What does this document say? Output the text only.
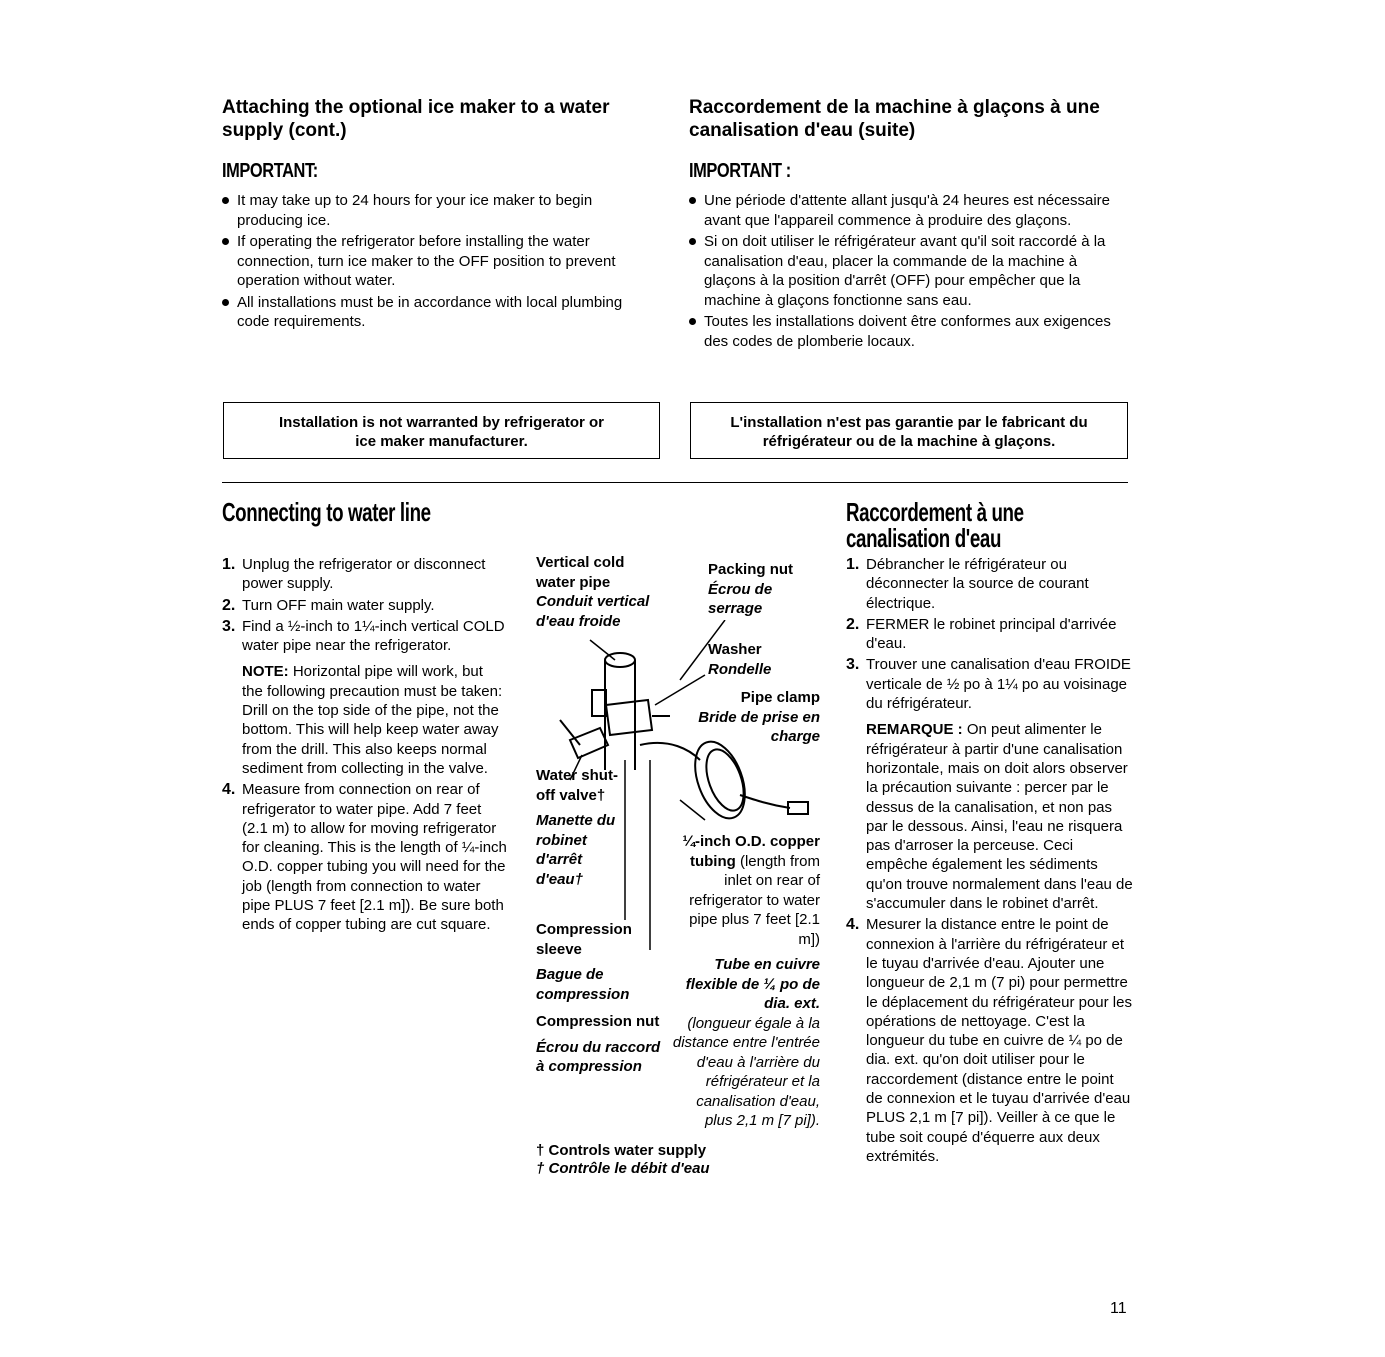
Attaching the optional ice maker to a water supply (cont.)
IMPORTANT:
It may take up to 24 hours for your ice maker to begin producing ice.
If operating the refrigerator before installing the water connection, turn ice maker to the OFF position to prevent operation without water.
All installations must be in accordance with local plumbing code requirements.
Installation is not warranted by refrigerator or ice maker manufacturer.
Raccordement de la machine à glaçons à une canalisation d'eau (suite)
IMPORTANT :
Une période d'attente allant jusqu'à 24 heures est nécessaire avant que l'appareil commence à produire des glaçons.
Si on doit utiliser le réfrigérateur avant qu'il soit raccordé à la canalisation d'eau, placer la commande de la machine à glaçons à la position d'arrêt (OFF) pour empêcher que la machine à glaçons fonctionne sans eau.
Toutes les installations doivent être conformes aux exigences des codes de plomberie locaux.
L'installation n'est pas garantie par le fabricant du réfrigérateur ou de la machine à glaçons.
Connecting to water line
1. Unplug the refrigerator or disconnect power supply.
2. Turn OFF main water supply.
3. Find a ½-inch to 1¼-inch vertical COLD water pipe near the refrigerator.
NOTE: Horizontal pipe will work, but the following precaution must be taken: Drill on the top side of the pipe, not the bottom. This will help keep water away from the drill. This also keeps normal sediment from collecting in the valve.
4. Measure from connection on rear of refrigerator to water pipe. Add 7 feet (2.1 m) to allow for moving refrigerator for cleaning. This is the length of ¼-inch O.D. copper tubing you will need for the job (length from connection to water pipe PLUS 7 feet [2.1 m]). Be sure both ends of copper tubing are cut square.
Vertical cold water pipe
Conduit vertical d'eau froide
Packing nut
Écrou de serrage
Washer
Rondelle
Pipe clamp
Bride de prise en charge
Water shut-off valve†
Manette du robinet d'arrêt d'eau†
¼-inch O.D. copper tubing (length from inlet on rear of refrigerator to water pipe plus 7 feet [2.1 m])
Tube en cuivre flexible de ¼ po de dia. ext.
(longueur égale à la distance entre l'entrée d'eau à l'arrière du réfrigérateur et la canalisation d'eau, plus 2,1 m [7 pi]).
Compression sleeve
Bague de compression
Compression nut
Écrou du raccord à compression
† Controls water supply
† Contrôle le débit d'eau
Raccordement à une canalisation d'eau
1. Débrancher le réfrigérateur ou déconnecter la source de courant électrique.
2. FERMER le robinet principal d'arrivée d'eau.
3. Trouver une canalisation d'eau FROIDE verticale de ½ po à 1¼ po au voisinage du réfrigérateur.
REMARQUE : On peut alimenter le réfrigérateur à partir d'une canalisation horizontale, mais on doit alors observer la précaution suivante : percer par le dessus de la canalisation, et non pas par le dessous. Ainsi, l'eau ne risquera pas d'arroser la perceuse. Ceci empêche également les sédiments qu'on trouve normalement dans l'eau de s'accumuler dans le robinet d'arrêt.
4. Mesurer la distance entre le point de connexion à l'arrière du réfrigérateur et le tuyau d'arrivée d'eau. Ajouter une longueur de 2,1 m (7 pi) pour permettre le déplacement du réfrigérateur pour les opérations de nettoyage. C'est la longueur du tube en cuivre de ¼ po de dia. ext. qu'on doit utiliser pour le raccordement (distance entre le point de connexion et le tuyau d'arrivée d'eau PLUS 2,1 m [7 pi]). Veiller à ce que le tube soit coupé d'équerre aux deux extrémités.
11
